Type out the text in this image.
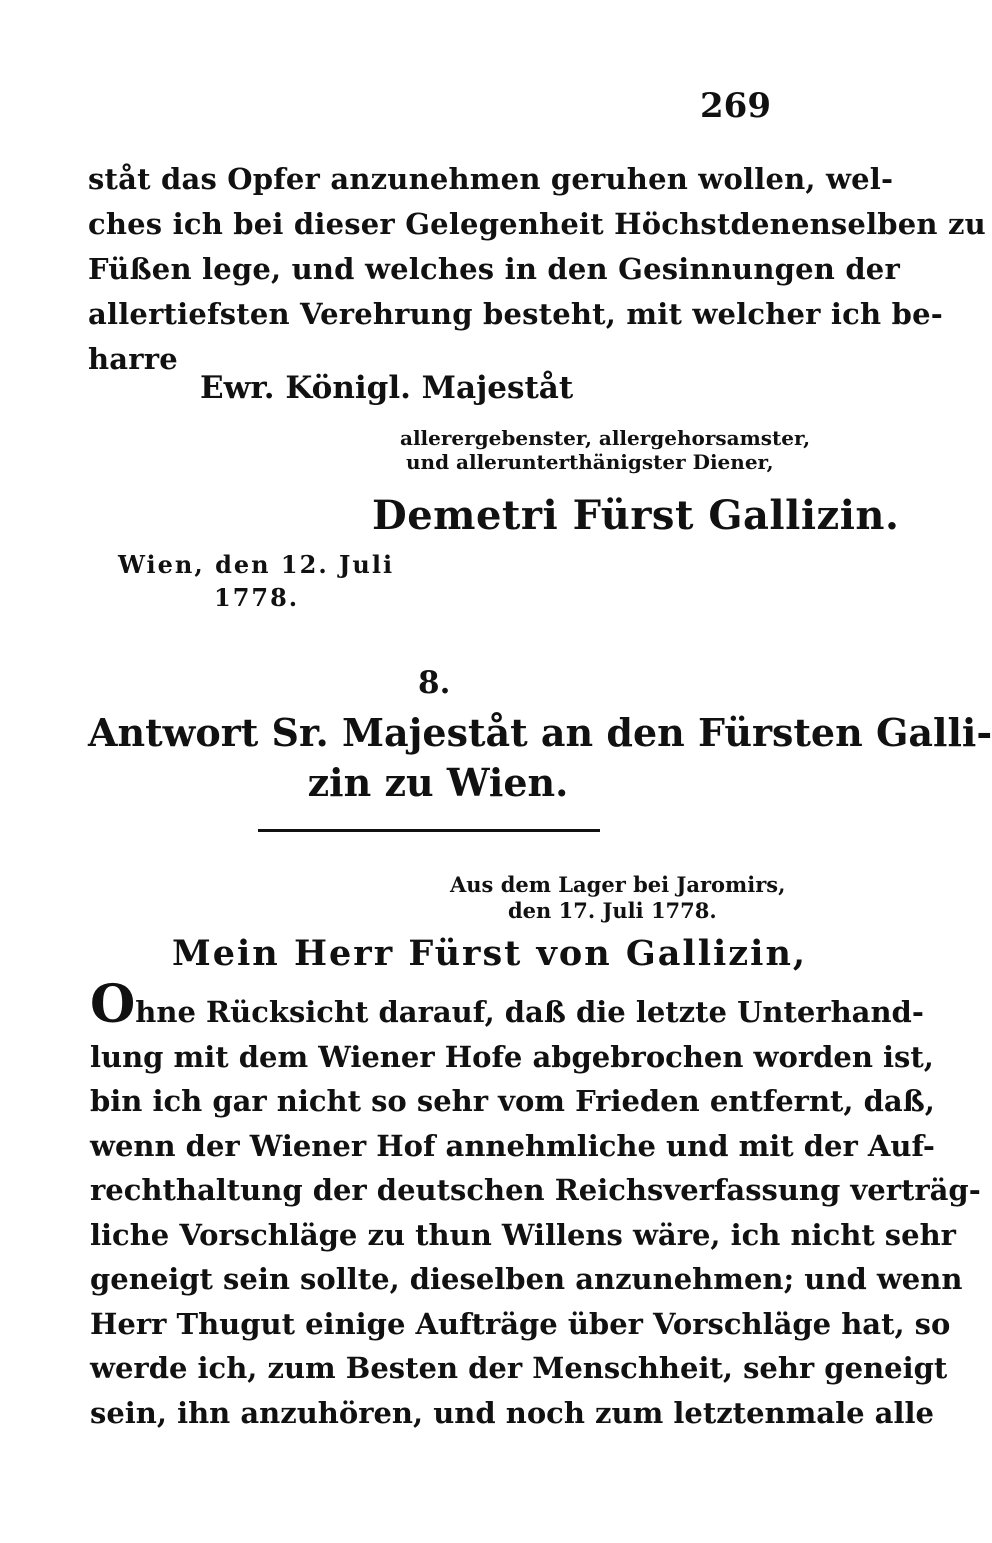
269
ståt das Opfer anzunehmen geruhen wollen, wel-
ches ich bei dieser Gelegenheit Höchstdenenselben zu
Füßen lege, und welches in den Gesinnungen der
allertiefsten Verehrung besteht, mit welcher ich be-
harre
Ewr. Königl. Majeståt
allerergebenster, allergehorsamster,
und allerunterthänigster Diener,
Demetri Fürst Gallizin.
Wien, den 12. Juli
1778.
8.
Antwort Sr. Majeståt an den Fürsten Galli-
zin zu Wien.
Aus dem Lager bei Jaromirs,
den 17. Juli 1778.
Mein Herr Fürst von Gallizin,
Ohne Rücksicht darauf, daß die letzte Unterhand-
lung mit dem Wiener Hofe abgebrochen worden ist,
bin ich gar nicht so sehr vom Frieden entfernt, daß,
wenn der Wiener Hof annehmliche und mit der Auf-
rechthaltung der deutschen Reichsverfassung verträg-
liche Vorschläge zu thun Willens wäre, ich nicht sehr
geneigt sein sollte, dieselben anzunehmen; und wenn
Herr Thugut einige Aufträge über Vorschläge hat, so
werde ich, zum Besten der Menschheit, sehr geneigt
sein, ihn anzuhören, und noch zum letztenmale alle
